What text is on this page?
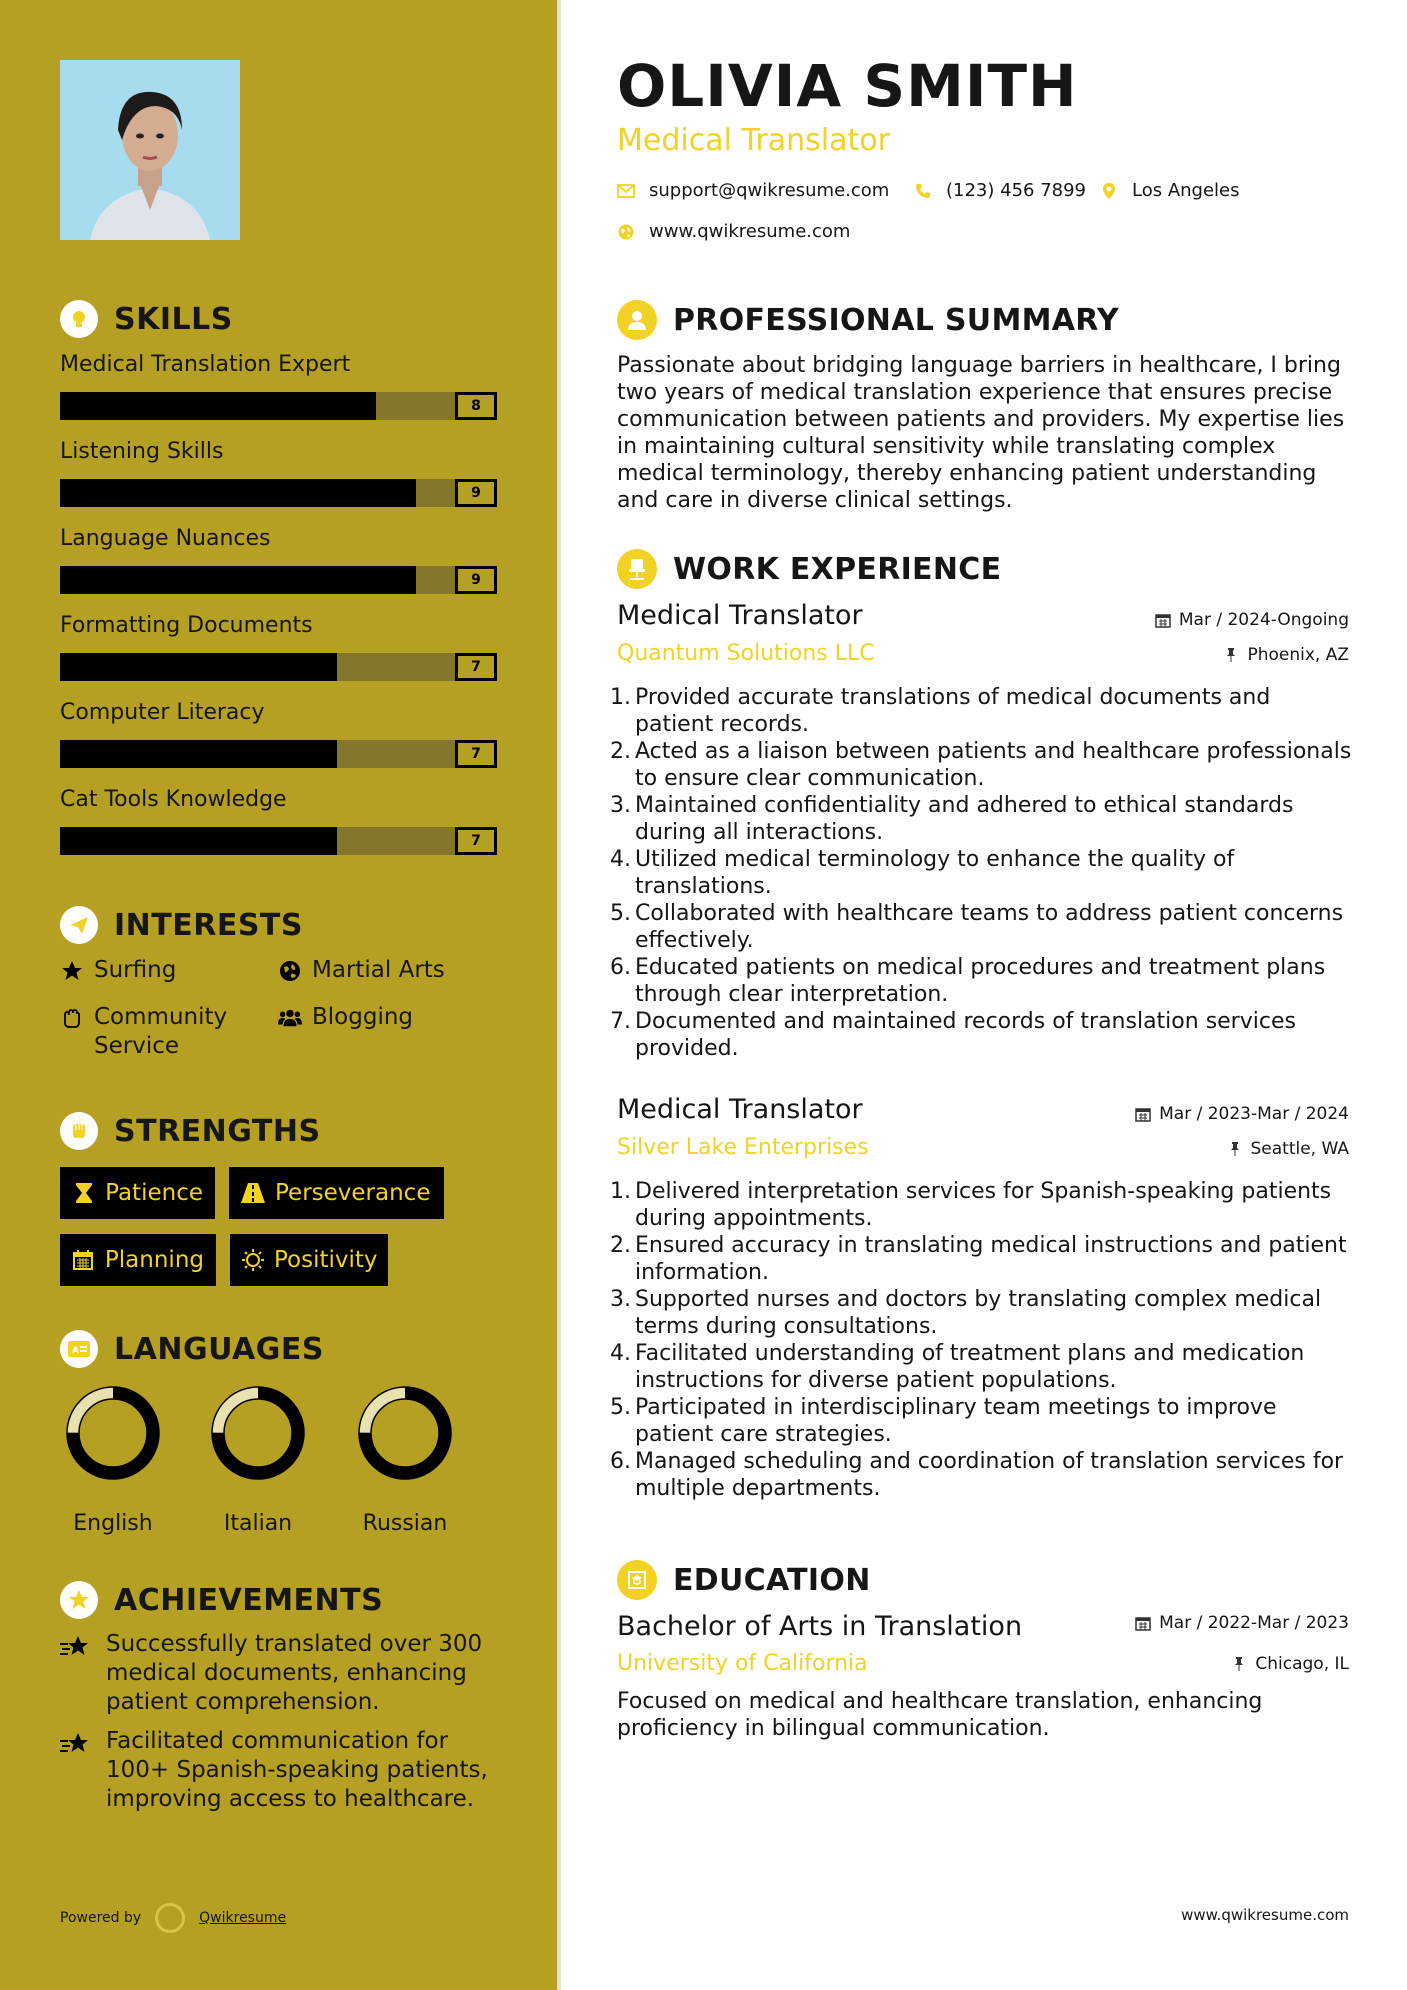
SKILLS
Medical Translation Expert
8
Listening Skills
9
Language Nuances
9
Formatting Documents
7
Computer Literacy
7
Cat Tools Knowledge
7
INTERESTS
Surfing	Martial Arts
Community Service
Blogging
STRENGTHS
Patience	Perseverance
Planning	Positivity
A LANGUAGES
English	Italian	Russian
ACHIEVEMENTS
Successfully translated over 300 medical documents, enhancing patient comprehension.
Facilitated communication for 100+ Spanish-speaking patients, improving access to healthcare.
Powered by	Qwikresume
OLIVIA SMITH
Medical Translator
support@qwikresume.com	(123) 456 7899	Los Angeles
www.qwikresume.com
PROFESSIONAL SUMMARY
Passionate about bridging language barriers in healthcare, I bring two years of medical translation experience that ensures precise communication between patients and providers. My expertise lies in maintaining cultural sensitivity while translating complex medical terminology, thereby enhancing patient understanding and care in diverse clinical settings.
WORK EXPERIENCE
Medical Translator	Mar / 2024-Ongoing
Quantum Solutions LLC	Phoenix, AZ
1. Provided accurate translations of medical documents and patient records.
2. Acted as a liaison between patients and healthcare professionals to ensure clear communication.
3. Maintained confidentiality and adhered to ethical standards during all interactions.
4. Utilized medical terminology to enhance the quality of translations.
5. Collaborated with healthcare teams to address patient concerns effectively.
6. Educated patients on medical procedures and treatment plans through clear interpretation.
7. Documented and maintained records of translation services provided.
Medical Translator	Mar / 2023-Mar / 2024
Silver Lake Enterprises	Seattle, WA
1. Delivered interpretation services for Spanish-speaking patients during appointments.
2. Ensured accuracy in translating medical instructions and patient information.
3. Supported nurses and doctors by translating complex medical terms during consultations.
4. Facilitated understanding of treatment plans and medication instructions for diverse patient populations.
5. Participated in interdisciplinary team meetings to improve patient care strategies.
6. Managed scheduling and coordination of translation services for multiple departments.
EDUCATION
Bachelor of Arts in Translation	Mar / 2022-Mar / 2023
University of California	Chicago, IL
Focused on medical and healthcare translation, enhancing proficiency in bilingual communication.
www.qwikresume.com
